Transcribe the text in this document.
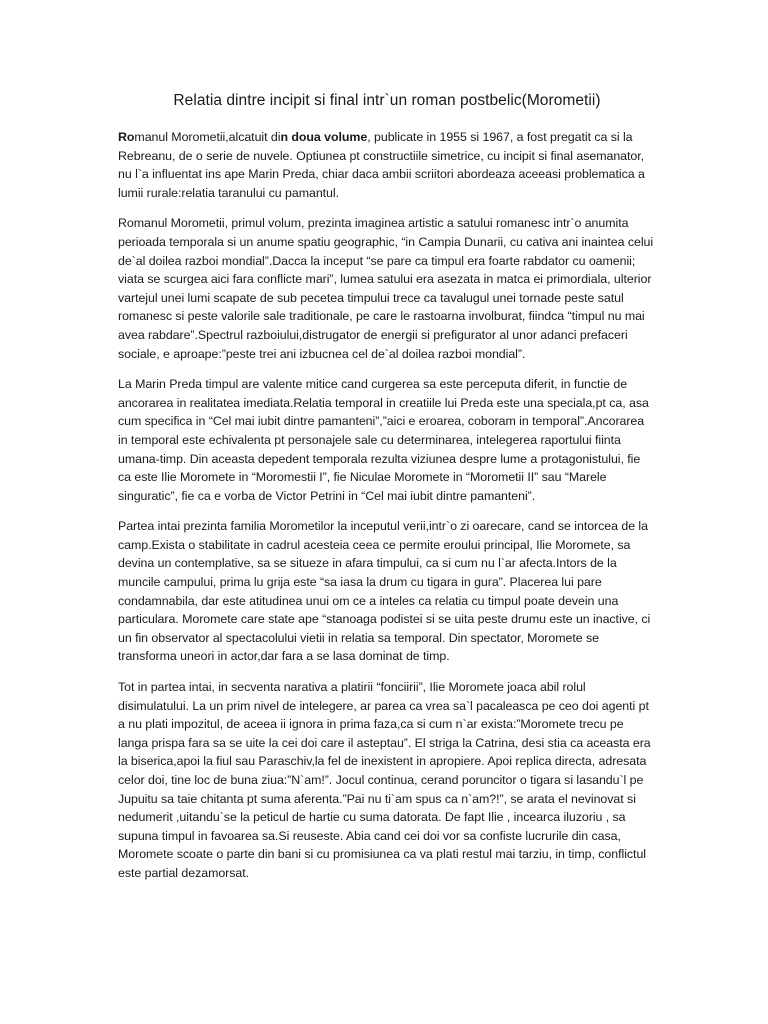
Relatia dintre incipit si final intr`un roman postbelic(Morometii)

Romanul Morometii,alcatuit din doua volume, publicate in 1955 si 1967, a fost pregatit ca si la Rebreanu, de o serie de nuvele. Optiunea pt constructiile simetrice, cu incipit si final asemanator, nu l`a influentat ins ape Marin Preda, chiar daca ambii scriitori abordeaza aceeasi problematica a lumii rurale:relatia taranului cu pamantul.

Romanul Morometii, primul volum, prezinta imaginea artistic a satului romanesc intr`o anumita perioada temporala si un anume spatiu geographic, “in Campia Dunarii, cu cativa ani inaintea celui de`al doilea razboi mondial”.Dacca la inceput “se pare ca timpul era foarte rabdator cu oamenii; viata se scurgea aici fara conflicte mari”, lumea satului era asezata in matca ei primordiala, ulterior vartejul unei lumi scapate de sub pecetea timpului trece ca tavalugul unei tornade peste satul romanesc si peste valorile sale traditionale, pe care le rastoarna involburat, fiindca “timpul nu mai avea rabdare”.Spectrul razboiului,distrugator de energii si prefigurator al unor adanci prefaceri sociale, e aproape:”peste trei ani izbucnea cel de`al doilea razboi mondial”.

La Marin Preda timpul are valente mitice cand curgerea sa este perceputa diferit, in functie de ancorarea in realitatea imediata.Relatia temporal in creatiile lui Preda este una speciala,pt ca, asa cum specifica in “Cel mai iubit dintre pamanteni”,”aici e eroarea, coboram in temporal”.Ancorarea in temporal este echivalenta pt personajele sale cu determinarea, intelegerea raportului fiinta umana-timp. Din aceasta depedent temporala rezulta viziunea despre lume a protagonistului, fie ca este Ilie Moromete in “Moromestii I”, fie Niculae Moromete in “Morometii II” sau “Marele singuratic”, fie ca e vorba de Victor Petrini in “Cel mai iubit dintre pamanteni”.

Partea intai prezinta familia Morometilor la inceputul verii,intr`o zi oarecare, cand se intorcea de la camp.Exista o stabilitate in cadrul acesteia ceea ce permite eroului principal, Ilie Moromete, sa devina un contemplative, sa se situeze in afara timpului, ca si cum nu l`ar afecta.Intors de la muncile campului, prima lu grija este “sa iasa la drum cu tigara in gura”. Placerea lui pare condamnabila, dar este atitudinea unui om ce a inteles ca relatia cu timpul poate devein una particulara. Moromete care state ape “stanoaga podistei si se uita peste drumu este un inactive, ci un fin observator al spectacolului vietii in relatia sa temporal. Din spectator, Moromete se transforma uneori in actor,dar fara a se lasa dominat de timp.

Tot in partea intai, in secventa narativa a platirii “fonciirii”, Ilie Moromete joaca abil rolul disimulatului. La un prim nivel de intelegere, ar parea ca vrea sa`l pacaleasca pe ceo doi agenti pt a nu plati impozitul, de aceea ii ignora in prima faza,ca si cum n`ar exista:”Moromete trecu pe langa prispa fara sa se uite la cei doi care il asteptau”. El striga la Catrina, desi stia ca aceasta era la biserica,apoi la fiul sau Paraschiv,la fel de inexistent in apropiere. Apoi replica directa, adresata celor doi, tine loc de buna ziua:”N`am!”. Jocul continua, cerand poruncitor o tigara si lasandu`l pe Jupuitu sa taie chitanta pt suma aferenta.”Pai nu ti`am spus ca n`am?!”, se arata el nevinovat si nedumerit ,uitandu`se la peticul de hartie cu suma datorata. De fapt Ilie , incearca iluzoriu , sa supuna timpul in favoarea sa.Si reuseste. Abia cand cei doi vor sa confiste lucrurile din casa, Moromete scoate o parte din bani si cu promisiunea ca va plati restul mai tarziu, in timp, conflictul este partial dezamorsat.
